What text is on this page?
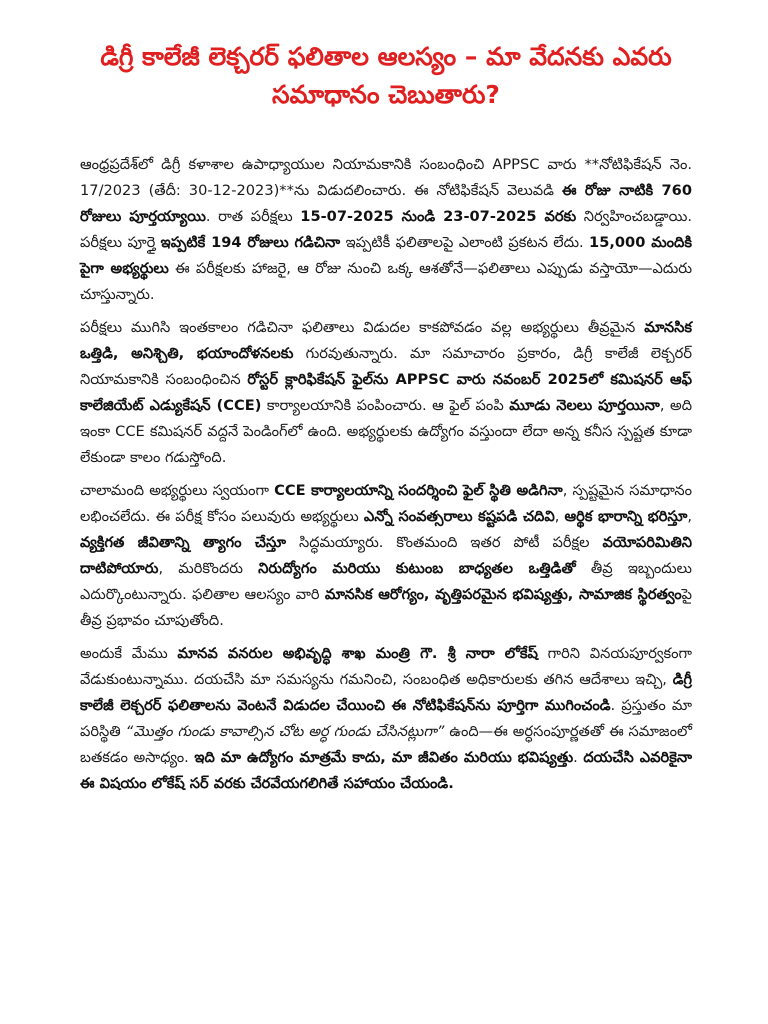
డిగ్రీ కాలేజీ లెక్చరర్ ఫలితాల ఆలస్యం – మా వేదనకు ఎవరు సమాధానం చెబుతారు?

ఆంధ్రప్రదేశ్‌లో డిగ్రీ కళాశాల ఉపాధ్యాయుల నియామకానికి సంబంధించి APPSC వారు **నోటిఫికేషన్ నెం. 17/2023 (తేదీ: 30-12-2023)**ను విడుదలించారు. ఈ నోటిఫికేషన్ వెలువడి ఈ రోజు నాటికి 760 రోజులు పూర్తయ్యాయి. రాత పరీక్షలు 15-07-2025 నుండి 23-07-2025 వరకు నిర్వహించబడ్డాయి. పరీక్షలు పూర్తై ఇప్పటికే 194 రోజులు గడిచినా ఇప్పటికీ ఫలితాలపై ఎలాంటి ప్రకటన లేదు. 15,000 మందికి పైగా అభ్యర్థులు ఈ పరీక్షలకు హాజరై, ఆ రోజు నుంచి ఒక్క ఆశతోనే—ఫలితాలు ఎప్పుడు వస్తాయో—ఎదురు చూస్తున్నారు.

పరీక్షలు ముగిసి ఇంతకాలం గడిచినా ఫలితాలు విడుదల కాకపోవడం వల్ల అభ్యర్థులు తీవ్రమైన మానసిక ఒత్తిడి, అనిశ్చితి, భయాందోళనలకు గురవుతున్నారు. మా సమాచారం ప్రకారం, డిగ్రీ కాలేజీ లెక్చరర్ నియామకానికి సంబంధించిన రోస్టర్ క్లారిఫికేషన్ ఫైల్‌ను APPSC వారు నవంబర్ 2025లో కమిషనర్ ఆఫ్ కాలేజియేట్ ఎడ్యుకేషన్ (CCE) కార్యాలయానికి పంపించారు. ఆ ఫైల్ పంపి మూడు నెలలు పూర్తయినా, అది ఇంకా CCE కమిషనర్ వద్దనే పెండింగ్‌లో ఉంది. అభ్యర్థులకు ఉద్యోగం వస్తుందా లేదా అన్న కనీస స్పష్టత కూడా లేకుండా కాలం గడుస్తోంది.

చాలామంది అభ్యర్థులు స్వయంగా CCE కార్యాలయాన్ని సందర్శించి ఫైల్ స్థితి అడిగినా, స్పష్టమైన సమాధానం లభించలేదు. ఈ పరీక్ష కోసం పలువురు అభ్యర్థులు ఎన్నో సంవత్సరాలు కష్టపడి చదివి, ఆర్థిక భారాన్ని భరిస్తూ, వ్యక్తిగత జీవితాన్ని త్యాగం చేస్తూ సిద్ధమయ్యారు. కొంతమంది ఇతర పోటీ పరీక్షల వయోపరిమితిని దాటిపోయారు, మరికొందరు నిరుద్యోగం మరియు కుటుంబ బాధ్యతల ఒత్తిడితో తీవ్ర ఇబ్బందులు ఎదుర్కొంటున్నారు. ఫలితాల ఆలస్యం వారి మానసిక ఆరోగ్యం, వృత్తిపరమైన భవిష్యత్తు, సామాజిక స్థిరత్వంపై తీవ్ర ప్రభావం చూపుతోంది.

అందుకే మేము మానవ వనరుల అభివృద్ధి శాఖ మంత్రి గౌ. శ్రీ నారా లోకేష్ గారిని వినయపూర్వకంగా వేడుకుంటున్నాము. దయచేసి మా సమస్యను గమనించి, సంబంధిత అధికారులకు తగిన ఆదేశాలు ఇచ్చి, డిగ్రీ కాలేజీ లెక్చరర్ ఫలితాలను వెంటనే విడుదల చేయించి ఈ నోటిఫికేషన్‌ను పూర్తిగా ముగించండి. ప్రస్తుతం మా పరిస్థితి “మొత్తం గుండు కావాల్సిన చోట అర్ధ గుండు చేసినట్లుగా” ఉంది—ఈ అర్ధసంపూర్ణతతో ఈ సమాజంలో బతకడం అసాధ్యం. ఇది మా ఉద్యోగం మాత్రమే కాదు, మా జీవితం మరియు భవిష్యత్తు. దయచేసి ఎవరికైనా ఈ విషయం లోకేష్ సర్ వరకు చేరవేయగలిగితే సహాయం చేయండి.
